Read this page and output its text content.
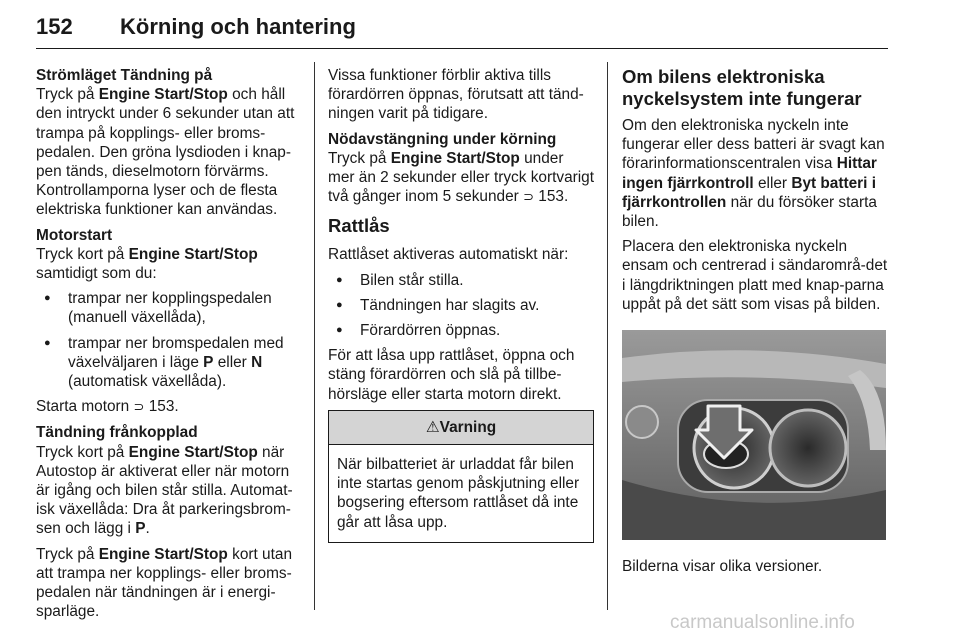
152 Körning och hantering

Strömläget Tändning på

Tryck på Engine Start/Stop och håll den intryckt under 6 sekunder utan att trampa på kopplings- eller broms-pedalen. Den gröna lysdioden i knap-pen tänds, dieselmotorn förvärms. Kontrollamporna lyser och de flesta elektriska funktioner kan användas.

Motorstart

Tryck kort på Engine Start/Stop samtidigt som du:

● trampar ner kopplingspedalen (manuell växellåda),
● trampar ner bromspedalen med växelväljaren i läge P eller N (automatisk växellåda).

Starta motorn ⊃ 153.

Tändning frånkopplad

Tryck kort på Engine Start/Stop när Autostop är aktiverat eller när motorn är igång och bilen står stilla. Automat-isk växellåda: Dra åt parkeringsbrom-sen och lägg i P.

Tryck på Engine Start/Stop kort utan att trampa ner kopplings- eller broms-pedalen när tändningen är i energi-sparläge.

Vissa funktioner förblir aktiva tills förardörren öppnas, förutsatt att tänd-ningen varit på tidigare.

Nödavstängning under körning

Tryck på Engine Start/Stop under mer än 2 sekunder eller tryck kortvarigt två gånger inom 5 sekunder ⊃ 153.

Rattlås

Rattlåset aktiveras automatiskt när:

● Bilen står stilla.
● Tändningen har slagits av.
● Förardörren öppnas.

För att låsa upp rattlåset, öppna och stäng förardörren och slå på tillbe-hörsläge eller starta motorn direkt.

⚠Varning
När bilbatteriet är urladdat får bilen inte startas genom påskjutning eller bogsering eftersom rattlåset då inte går att låsa upp.

Om bilens elektroniska nyckelsystem inte fungerar

Om den elektroniska nyckeln inte fungerar eller dess batteri är svagt kan förarinformationscentralen visa Hittar ingen fjärrkontroll eller Byt batteri i fjärrkontrollen när du försöker starta bilen.

Placera den elektroniska nyckeln ensam och centrerad i sändarområ-det i längdriktningen platt med knap-parna uppåt på det sätt som visas på bilden.

Bilderna visar olika versioner.

carmanualsonline.info
